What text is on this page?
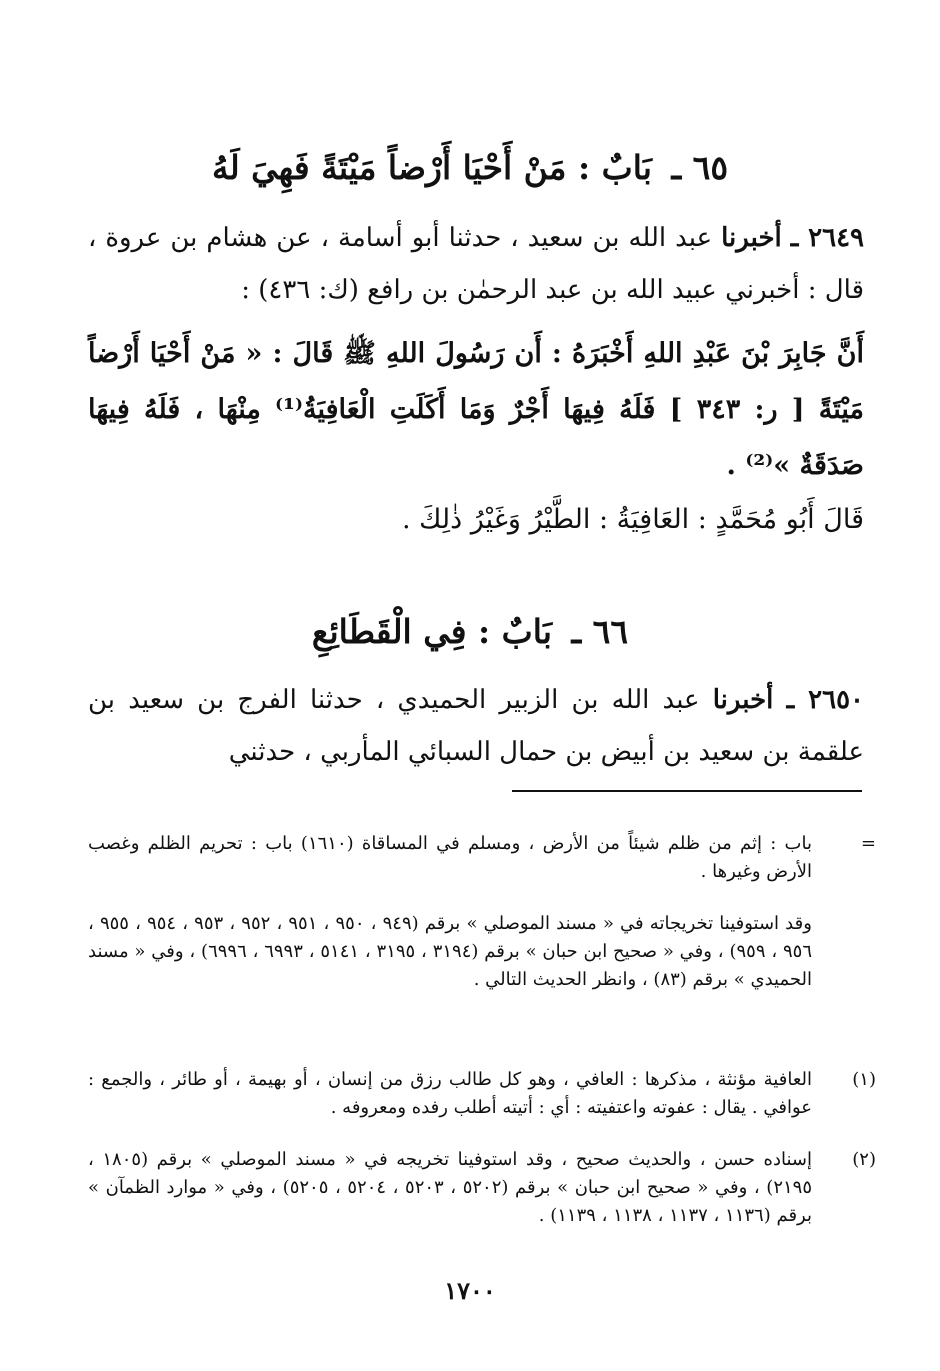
٦٥ ـ بَابٌ : مَنْ أَحْيَا أَرْضاً مَيْتَةً فَهِيَ لَهُ
٢٦٤٩ ـ أخبرنا عبد الله بن سعيد ، حدثنا أبو أسامة ، عن هشام بن عروة ، قال : أخبرني عبيد الله بن عبد الرحمٰن بن رافع (ك: ٤٣٦) :
أَنَّ جَابِرَ بْنَ عَبْدِ اللهِ أَخْبَرَهُ : أَن رَسُولَ اللهِ ﷺ قَالَ : « مَنْ أَحْيَا أَرْضاً مَيْتَةً [ ر: ٣٤٣ ] فَلَهُ فِيهَا أَجْرٌ وَمَا أَكَلَتِ الْعَافِيَةُ⁽¹⁾ مِنْهَا ، فَلَهُ فِيهَا صَدَقَةٌ »⁽²⁾ .
قَالَ أَبُو مُحَمَّدٍ : العَافِيَةُ : الطَّيْرُ وَغَيْرُ ذٰلِكَ .
٦٦ ـ بَابٌ : فِي الْقَطَائِعِ
٢٦٥٠ ـ أخبرنا عبد الله بن الزبير الحميدي ، حدثنا الفرج بن سعيد بن علقمة بن سعيد بن أبيض بن حمال السبائي المأربي ، حدثني
=
باب : إثم من ظلم شيئاً من الأرض ، ومسلم في المساقاة (١٦١٠) باب : تحريم الظلم وغصب الأرض وغيرها .
وقد استوفينا تخريجاته في « مسند الموصلي » برقم (٩٤٩ ، ٩٥٠ ، ٩٥١ ، ٩٥٢ ، ٩٥٣ ، ٩٥٤ ، ٩٥٥ ، ٩٥٦ ، ٩٥٩) ، وفي « صحيح ابن حبان » برقم (٣١٩٤ ، ٣١٩٥ ، ٥١٤١ ، ٦٩٩٣ ، ٦٩٩٦) ، وفي « مسند الحميدي » برقم (٨٣) ، وانظر الحديث التالي .
(١)
العافية مؤنثة ، مذكرها : العافي ، وهو كل طالب رزق من إنسان ، أو بهيمة ، أو طائر ، والجمع : عوافي . يقال : عفوته واعتفيته : أي : أتيته أطلب رفده ومعروفه .
(٢)
إسناده حسن ، والحديث صحيح ، وقد استوفينا تخريجه في « مسند الموصلي » برقم (١٨٠٥ ، ٢١٩٥) ، وفي « صحيح ابن حبان » برقم (٥٢٠٢ ، ٥٢٠٣ ، ٥٢٠٤ ، ٥٢٠٥) ، وفي « موارد الظمآن » برقم (١١٣٦ ، ١١٣٧ ، ١١٣٨ ، ١١٣٩) .
١٧٠٠
